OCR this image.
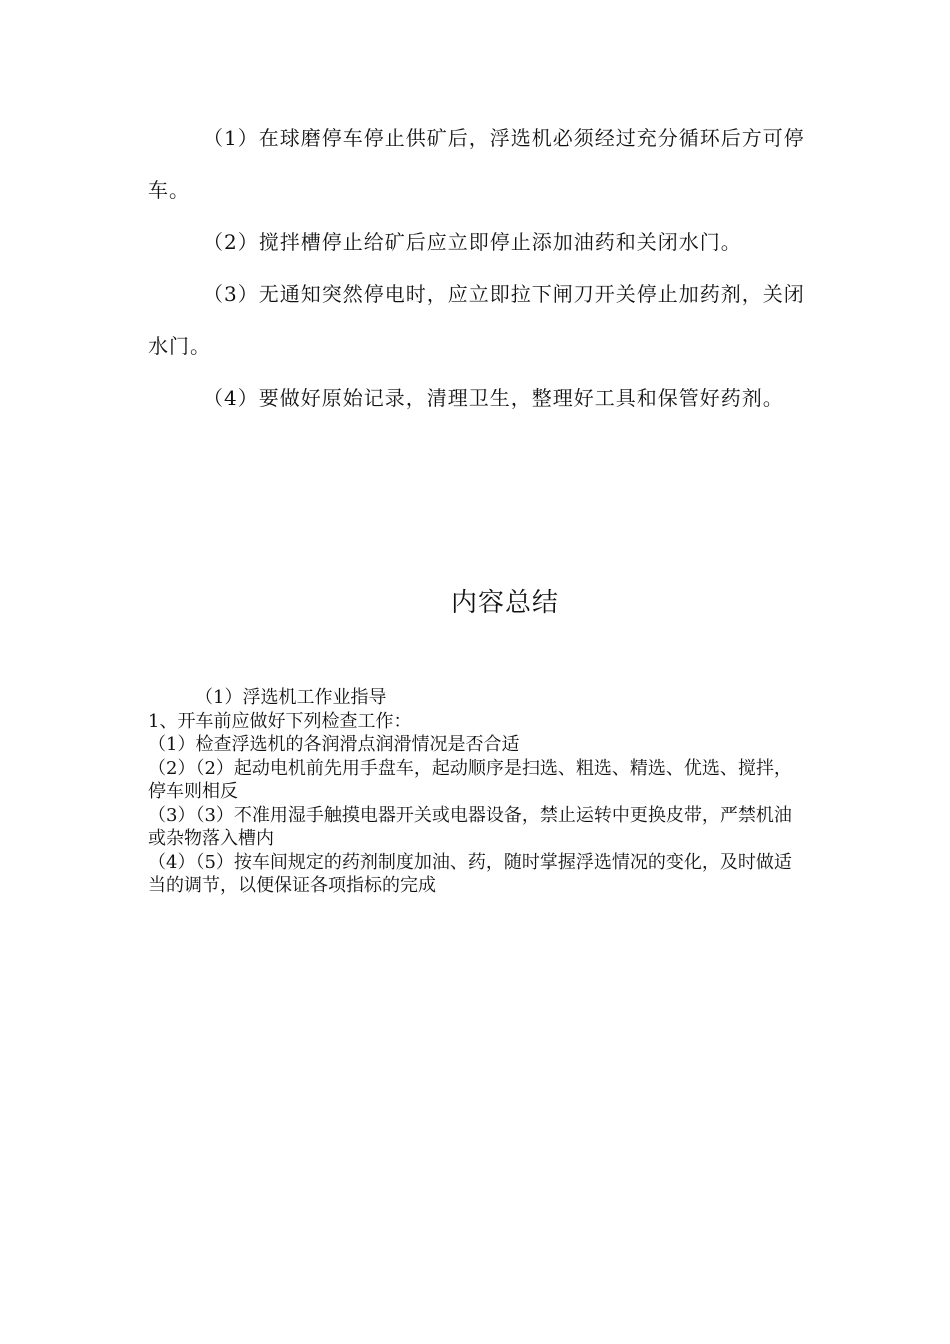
（1）在球磨停车停止供矿后，浮选机必须经过充分循环后方可停车。

（2）搅拌槽停止给矿后应立即停止添加油药和关闭水门。

（3）无通知突然停电时，应立即拉下闸刀开关停止加药剂，关闭水门。

（4）要做好原始记录，清理卫生，整理好工具和保管好药剂。

内容总结

（1）浮选机工作业指导

1、开车前应做好下列检查工作：

（1）检查浮选机的各润滑点润滑情况是否合适

（2）（2）起动电机前先用手盘车，起动顺序是扫选、粗选、精选、优选、搅拌，停车则相反

（3）（3）不准用湿手触摸电器开关或电器设备，禁止运转中更换皮带，严禁机油或杂物落入槽内

（4）（5）按车间规定的药剂制度加油、药，随时掌握浮选情况的变化，及时做适当的调节，以便保证各项指标的完成
